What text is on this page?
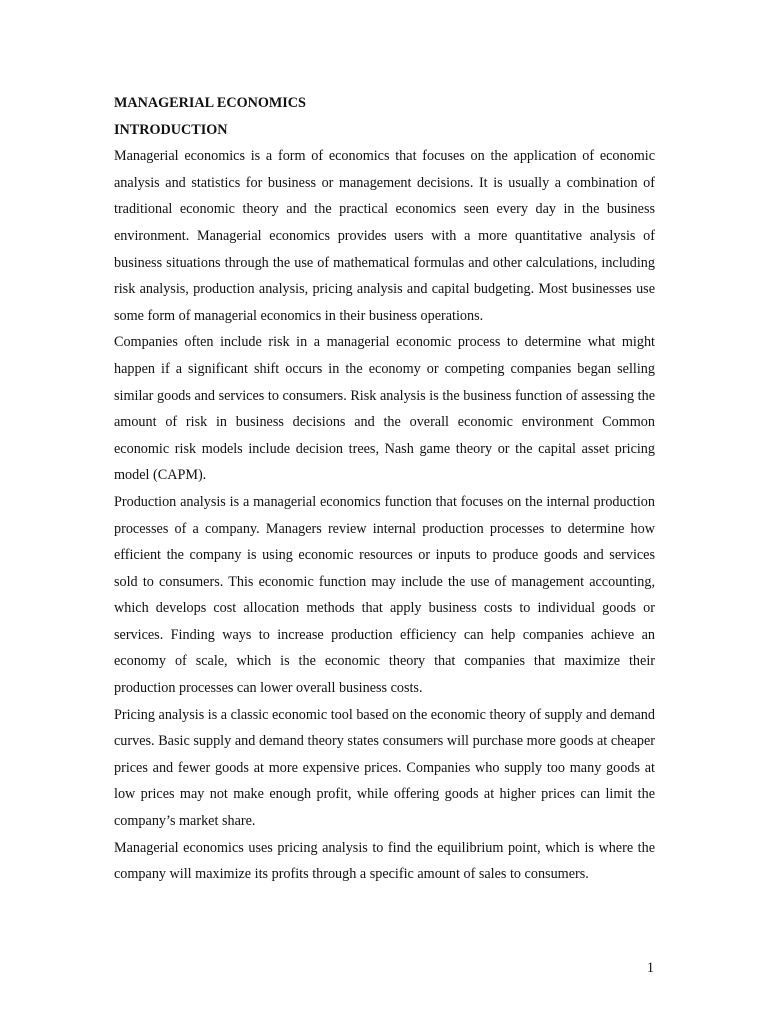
MANAGERIAL ECONOMICS
INTRODUCTION

Managerial economics is a form of economics that focuses on the application of economic analysis and statistics for business or management decisions. It is usually a combination of traditional economic theory and the practical economics seen every day in the business environment. Managerial economics provides users with a more quantitative analysis of business situations through the use of mathematical formulas and other calculations, including risk analysis, production analysis, pricing analysis and capital budgeting. Most businesses use some form of managerial economics in their business operations.

Companies often include risk in a managerial economic process to determine what might happen if a significant shift occurs in the economy or competing companies began selling similar goods and services to consumers. Risk analysis is the business function of assessing the amount of risk in business decisions and the overall economic environment Common economic risk models include decision trees, Nash game theory or the capital asset pricing model (CAPM).

Production analysis is a managerial economics function that focuses on the internal production processes of a company. Managers review internal production processes to determine how efficient the company is using economic resources or inputs to produce goods and services sold to consumers. This economic function may include the use of management accounting, which develops cost allocation methods that apply business costs to individual goods or services. Finding ways to increase production efficiency can help companies achieve an economy of scale, which is the economic theory that companies that maximize their production processes can lower overall business costs.

Pricing analysis is a classic economic tool based on the economic theory of supply and demand curves. Basic supply and demand theory states consumers will purchase more goods at cheaper prices and fewer goods at more expensive prices. Companies who supply too many goods at low prices may not make enough profit, while offering goods at higher prices can limit the company’s market share.

Managerial economics uses pricing analysis to find the equilibrium point, which is where the company will maximize its profits through a specific amount of sales to consumers.

1
